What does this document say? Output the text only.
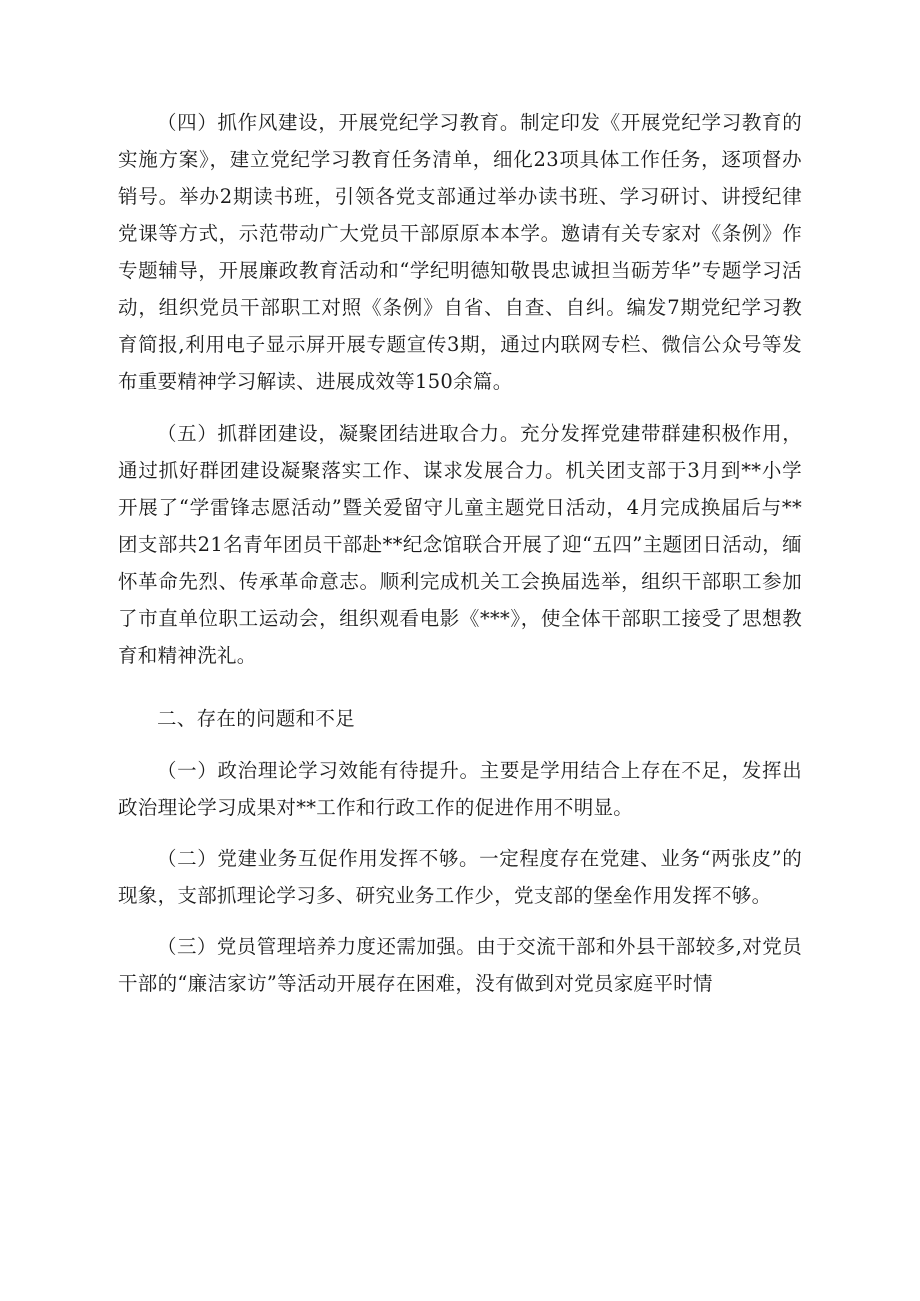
（四）抓作风建设，开展党纪学习教育。制定印发《开展党纪学习教育的实施方案》，建立党纪学习教育任务清单，细化23项具体工作任务，逐项督办销号。举办2期读书班，引领各党支部通过举办读书班、学习研讨、讲授纪律党课等方式，示范带动广大党员干部原原本本学。邀请有关专家对《条例》作专题辅导，开展廉政教育活动和“学纪明德知敬畏忠诚担当砺芳华”专题学习活动，组织党员干部职工对照《条例》自省、自查、自纠。编发7期党纪学习教育简报,利用电子显示屏开展专题宣传3期，通过内联网专栏、微信公众号等发布重要精神学习解读、进展成效等150余篇。

（五）抓群团建设，凝聚团结进取合力。充分发挥党建带群建积极作用，通过抓好群团建设凝聚落实工作、谋求发展合力。机关团支部于3月到**小学开展了“学雷锋志愿活动”暨关爱留守儿童主题党日活动，4月完成换届后与**团支部共21名青年团员干部赴**纪念馆联合开展了迎“五四”主题团日活动，缅怀革命先烈、传承革命意志。顺利完成机关工会换届选举，组织干部职工参加了市直单位职工运动会，组织观看电影《***》，使全体干部职工接受了思想教育和精神洗礼。

二、存在的问题和不足

（一）政治理论学习效能有待提升。主要是学用结合上存在不足，发挥出政治理论学习成果对**工作和行政工作的促进作用不明显。

（二）党建业务互促作用发挥不够。一定程度存在党建、业务“两张皮”的现象，支部抓理论学习多、研究业务工作少，党支部的堡垒作用发挥不够。

（三）党员管理培养力度还需加强。由于交流干部和外县干部较多,对党员干部的“廉洁家访”等活动开展存在困难，没有做到对党员家庭平时情
